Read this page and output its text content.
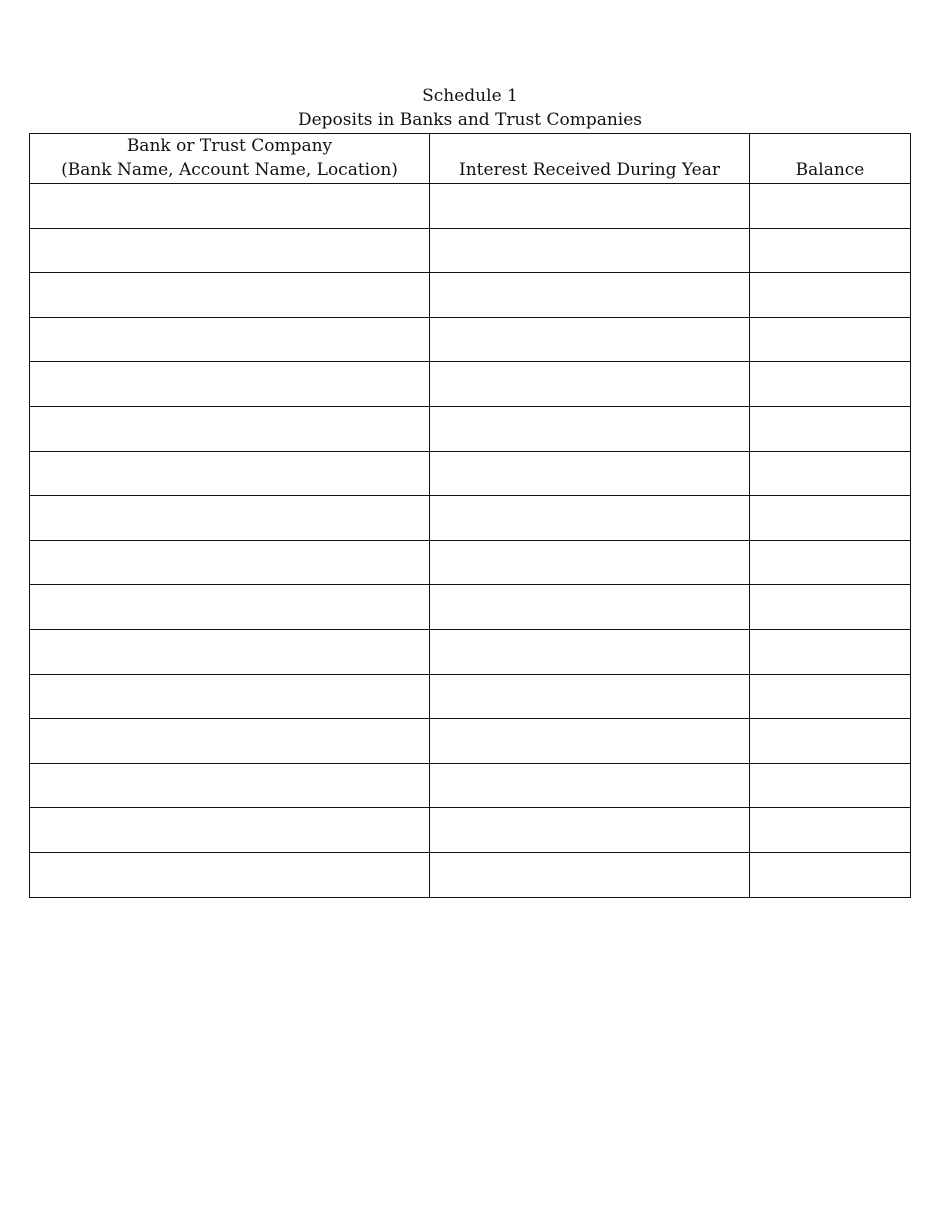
Schedule 1
Deposits in Banks and Trust Companies
Bank or Trust Company
(Bank Name, Account Name, Location)	Interest Received During Year	Balance
